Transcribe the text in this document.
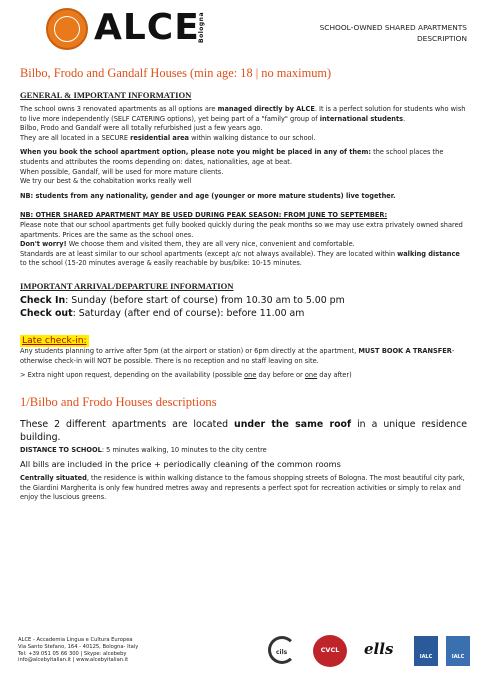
ALCE
Bologna	SCHOOL-OWNED SHARED APARTMENTS
DESCRIPTION
Bilbo, Frodo and Gandalf Houses (min age: 18 | no maximum)
GENERAL & IMPORTANT INFORMATION

The school owns 3 renovated apartments as all options are managed directly by ALCE. It is a perfect solution for students who wish to live more independently (SELF CATERING options), yet being part of a "family" group of international students.

Bilbo, Frodo and Gandalf were all totally refurbished just a few years ago.

They are all located in a SECURE residential area within walking distance to our school.

When you book the school apartment option, please note you might be placed in any of them: the school places the students and attributes the rooms depending on: dates, nationalities, age at beat.

When possible, Gandalf, will be used for more mature clients.

We try our best & the cohabitation works really well

NB: students from any nationality, gender and age (younger or more mature students) live together.

NB: OTHER SHARED APARTMENT MAY BE USED DURING PEAK SEASON: FROM JUNE TO SEPTEMBER:

Please note that our school apartments get fully booked quickly during the peak months so we may use extra privately owned shared apartments. Prices are the same as the school ones.

Don't worry! We choose them and visited them, they are all very nice, convenient and comfortable.

Standards are at least similar to our school apartments (except a/c not always available). They are located within walking distance to the school (15-20 minutes average & easily reachable by bus/bike: 10-15 minutes.

IMPORTANT ARRIVAL/DEPARTURE INFORMATION
Check In: Sunday (before start of course) from 10.30 am to 5.00 pm
Check out: Saturday (after end of course): before 11.00 am
Late check-in:

Any students planning to arrive after 5pm (at the airport or station) or 6pm directly at the apartment, MUST BOOK A TRANSFER- otherwise check-in will NOT be possible. There is no reception and no staff leaving on site.

> Extra night upon request, depending on the availability (possible one day before or one day after)

1/Bilbo and Frodo Houses descriptions
These 2 different apartments are located under the same roof in a unique residence building.

DISTANCE TO SCHOOL: 5 minutes walking, 10 minutes to the city centre

All bills are included in the price + periodically cleaning of the common rooms

Centrally situated, the residence is within walking distance to the famous shopping streets of Bologna. The most beautiful city park, the Giardini Margherita is only few hundred metres away and represents a perfect spot for recreation activities or simply to relax and enjoy the luscious greens.

ALCE - Accademia Lingua e Cultura Europea
Via Santo Stefano, 164 - 40125, Bologna- Italy
Tel: +39 051 05 66 300 | Skype: alcebeby
info@alcebyitalian.it | www.alcebyitalian.it
cils	CVCL	ells	IALC	IALC
